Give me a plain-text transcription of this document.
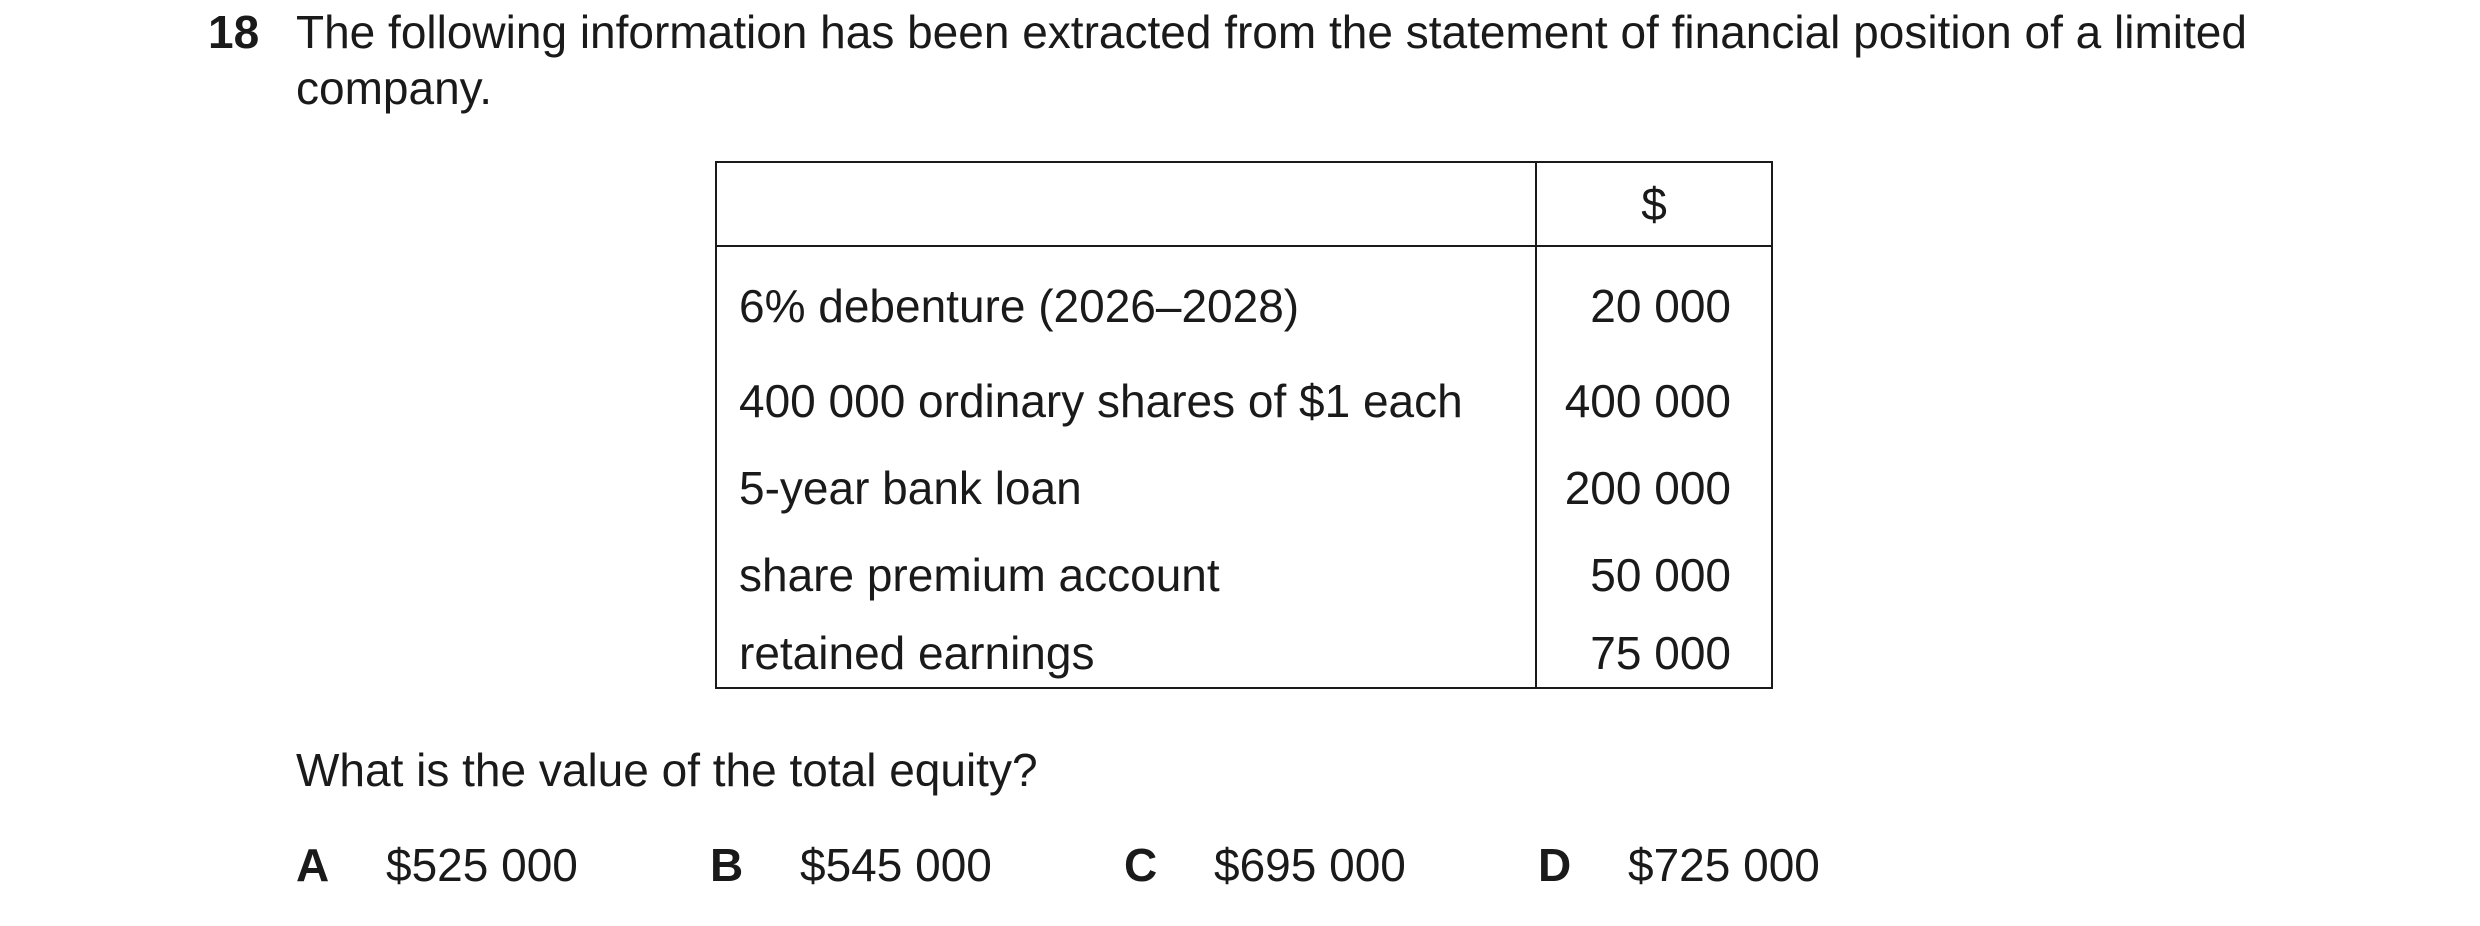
18 The following information has been extracted from the statement of financial position of a limited
company.
	$
6% debenture (2026–2028)	20 000
400 000 ordinary shares of $1 each	400 000
5-year bank loan	200 000
share premium account	50 000
retained earnings	75 000
What is the value of the total equity?
A $525 000	B $545 000	C $695 000	D $725 000
